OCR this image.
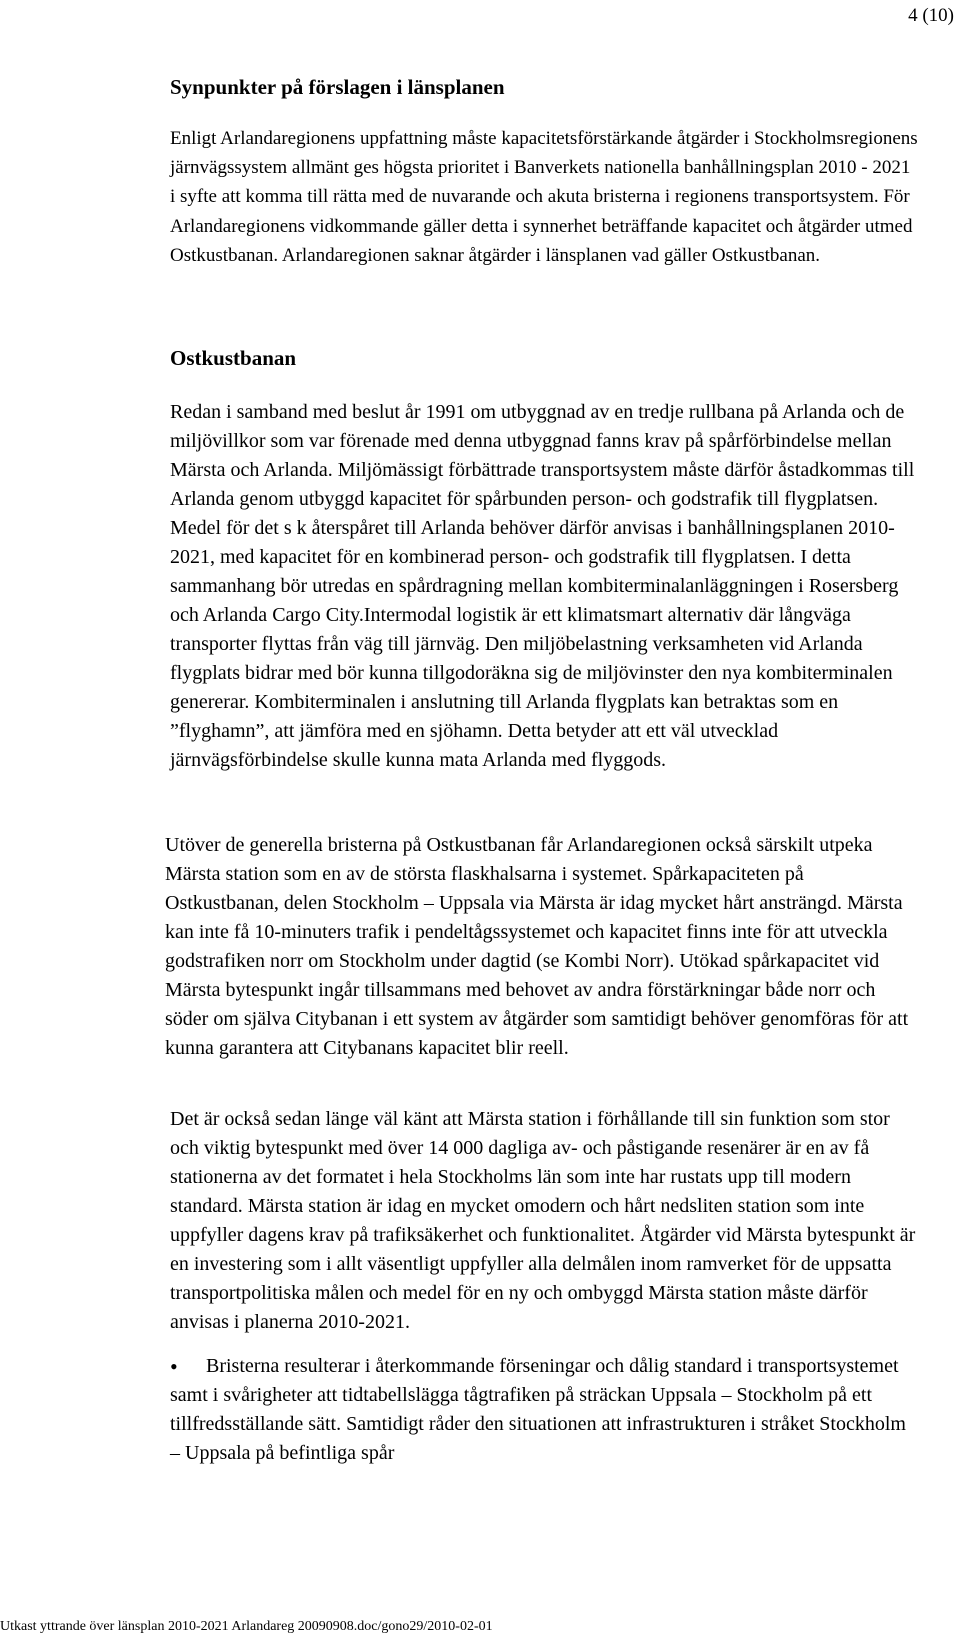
4 (10)
Synpunkter på förslagen i länsplanen

Enligt Arlandaregionens uppfattning måste kapacitetsförstärkande åtgärder i Stockholmsregionens järnvägssystem allmänt ges högsta prioritet i Banverkets nationella banhållningsplan 2010 - 2021 i syfte att komma till rätta med de nuvarande och akuta bristerna i regionens transportsystem. För Arlandaregionens vidkommande gäller detta i synnerhet beträffande kapacitet och åtgärder utmed Ostkustbanan. Arlandaregionen saknar åtgärder i länsplanen vad gäller Ostkustbanan.

Ostkustbanan

Redan i samband med beslut år 1991 om utbyggnad av en tredje rullbana på Arlanda och de miljövillkor som var förenade med denna utbyggnad fanns krav på spårförbindelse mellan Märsta och Arlanda. Miljömässigt förbättrade transportsystem måste därför åstadkommas till Arlanda genom utbyggd kapacitet för spårbunden person- och godstrafik till flygplatsen. Medel för det s k återspåret till Arlanda behöver därför anvisas i banhållningsplanen 2010-2021, med kapacitet för en kombinerad person- och godstrafik till flygplatsen. I detta sammanhang bör utredas en spårdragning mellan kombiterminalanläggningen i Rosersberg och Arlanda Cargo City.Intermodal logistik är ett klimatsmart alternativ där långväga transporter flyttas från väg till järnväg. Den miljöbelastning verksamheten vid Arlanda flygplats bidrar med bör kunna tillgodoräkna sig de miljövinster den nya kombiterminalen genererar. Kombiterminalen i anslutning till Arlanda flygplats kan betraktas som en ”flyghamn”, att jämföra med en sjöhamn. Detta betyder att ett väl utvecklad järnvägsförbindelse skulle kunna mata Arlanda med flyggods.

Utöver de generella bristerna på Ostkustbanan får Arlandaregionen också särskilt utpeka Märsta station som en av de största flaskhalsarna i systemet. Spårkapaciteten på Ostkustbanan, delen Stockholm – Uppsala via Märsta är idag mycket hårt ansträngd. Märsta kan inte få 10-minuters trafik i pendeltågssystemet och kapacitet finns inte för att utveckla godstrafiken norr om Stockholm under dagtid (se Kombi Norr). Utökad spårkapacitet vid Märsta bytespunkt ingår tillsammans med behovet av andra förstärkningar både norr och söder om själva Citybanan i ett system av åtgärder som samtidigt behöver genomföras för att kunna garantera att Citybanans kapacitet blir reell.

Det är också sedan länge väl känt att Märsta station i förhållande till sin funktion som stor och viktig bytespunkt med över 14 000 dagliga av- och påstigande resenärer är en av få stationerna av det formatet i hela Stockholms län som inte har rustats upp till modern standard. Märsta station är idag en mycket omodern och hårt nedsliten station som inte uppfyller dagens krav på trafiksäkerhet och funktionalitet. Åtgärder vid Märsta bytespunkt är en investering som i allt väsentligt uppfyller alla delmålen inom ramverket för de uppsatta transportpolitiska målen och medel för en ny och ombyggd Märsta station måste därför anvisas i planerna 2010-2021.

•	Bristerna resulterar i återkommande förseningar och dålig standard i transportsystemet samt i svårigheter att tidtabellslägga tågtrafiken på sträckan Uppsala – Stockholm på ett tillfredsställande sätt. Samtidigt råder den situationen att infrastrukturen i stråket Stockholm – Uppsala på befintliga spår
Utkast yttrande över länsplan 2010-2021 Arlandareg 20090908.doc/gono29/2010-02-01
